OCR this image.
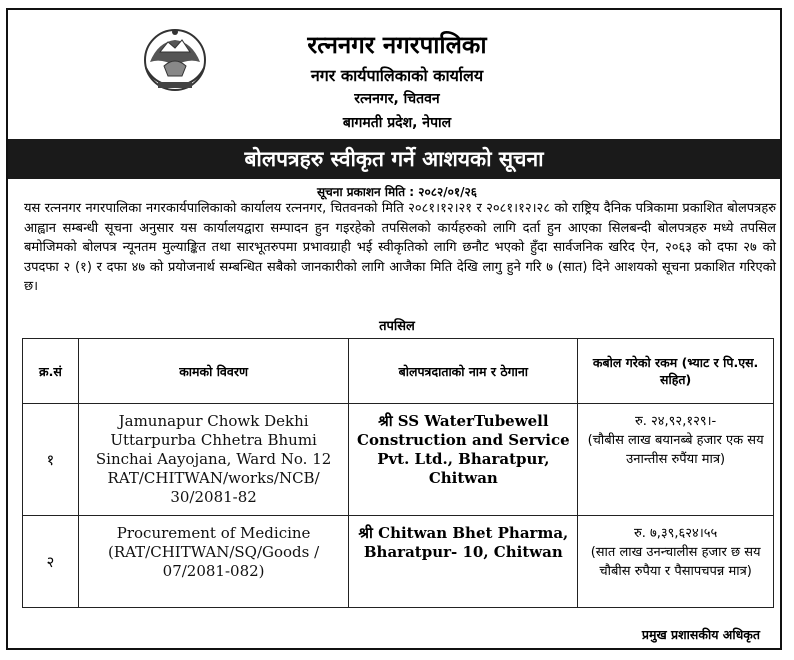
रत्ननगर नगरपालिका
नगर कार्यपालिकाको कार्यालय
रत्ननगर, चितवन
बागमती प्रदेश, नेपाल
बोलपत्रहरु स्वीकृत गर्ने आशयको सूचना
सूचना प्रकाशन मिति : २०८२/०१/२६
यस रत्ननगर नगरपालिका नगरकार्यपालिकाको कार्यालय रत्ननगर, चितवनको मिति २०८१।१२।२१ र २०८१।१२।२८ को राष्ट्रिय दैनिक पत्रिकामा प्रकाशित बोलपत्रहरु आह्वान सम्बन्धी सूचना अनुसार यस कार्यालयद्वारा सम्पादन हुन गइरहेको तपसिलको कार्यहरुको लागि दर्ता हुन आएका सिलबन्दी बोलपत्रहरु मध्ये तपसिल बमोजिमको बोलपत्र न्यूनतम मुल्याङ्कित तथा सारभूतरुपमा प्रभावग्राही भई स्वीकृतिको लागि छनौट भएको हुँदा सार्वजनिक खरिद ऐन, २०६३ को दफा २७ को उपदफा २ (१) र दफा ४७ को प्रयोजनार्थ सम्बन्धित सबैको जानकारीको लागि आजैका मिति देखि लागु हुने गरि ७ (सात) दिने आशयको सूचना प्रकाशित गरिएको छ।
तपसिल
क्र.सं	कामको विवरण	बोलपत्रदाताको नाम र ठेगाना	कबोल गरेको रकम (भ्याट र पि.एस. सहित)
१	Jamunapur Chowk Dekhi Uttarpurba Chhetra Bhumi Sinchai Aayojana, Ward No. 12 RAT/CHITWAN/works/NCB/ 30/2081-82	श्री SS WaterTubewell Construction and Service Pvt. Ltd., Bharatpur, Chitwan	रु. २४,९२,१२९।-
(चौबीस लाख बयानब्बे हजार एक सय उनान्तीस रुपैंया मात्र)

२	Procurement of Medicine (RAT/CHITWAN/SQ/Goods / 07/2081-082)	श्री Chitwan Bhet Pharma, Bharatpur- 10, Chitwan	रु. ७,३९,६२४।५५
(सात लाख उनन्चालीस हजार छ सय चौबीस रुपैया र पैसापचपन्न मात्र)
प्रमुख प्रशासकीय अधिकृत
